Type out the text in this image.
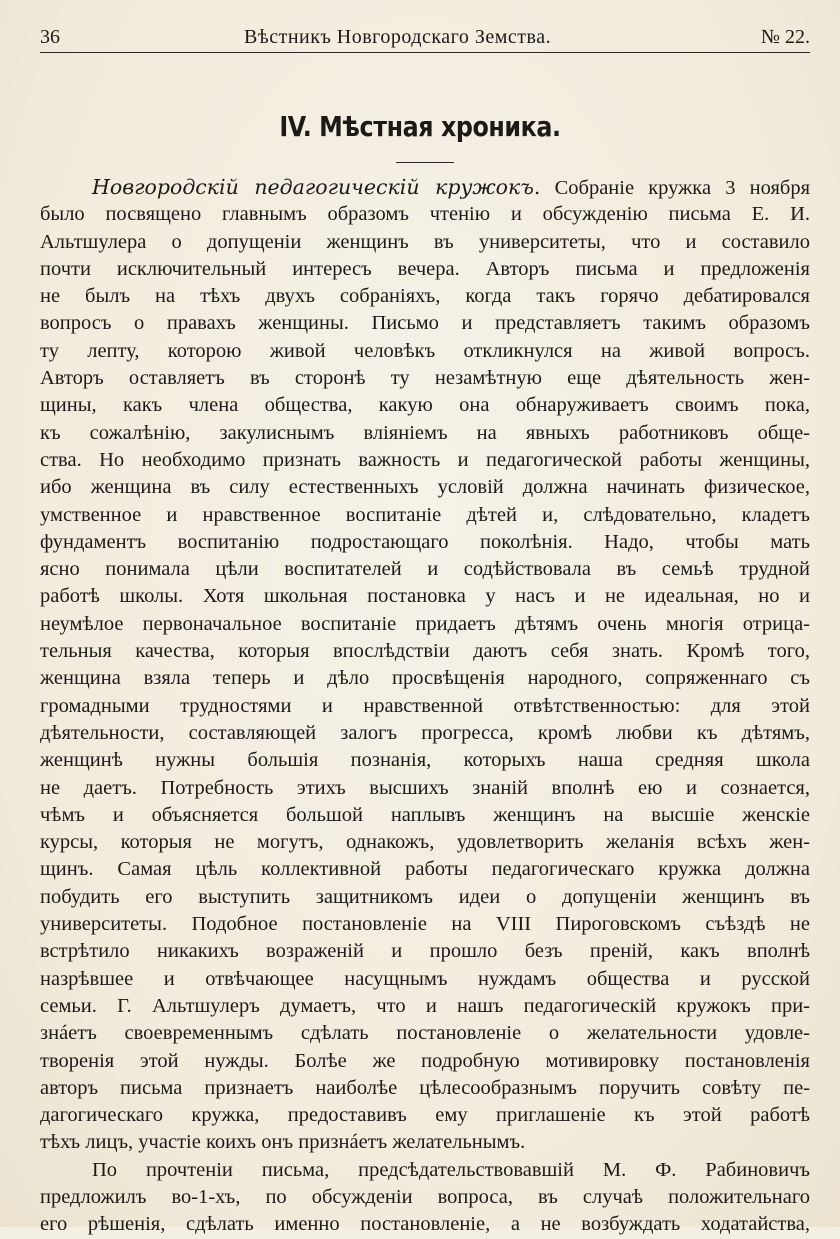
36	Вѣстникъ Новгородскаго Земства.	№ 22.
IV. Мѣстная хроника.
Новгородскій педагогическій кружокъ. Собраніе кружка 3 ноября
было посвящено главнымъ образомъ чтенію и обсужденію письма Е. И.
Альтшулера о допущеніи женщинъ въ университеты, что и составило
почти исключительный интересъ вечера. Авторъ письма и предложенія
не былъ на тѣхъ двухъ собраніяхъ, когда такъ горячо дебатировался
вопросъ о правахъ женщины. Письмо и представляетъ такимъ образомъ
ту лепту, которою живой человѣкъ откликнулся на живой вопросъ.
Авторъ оставляетъ въ сторонѣ ту незамѣтную еще дѣятельность жен-
щины, какъ члена общества, какую она обнаруживаетъ своимъ пока,
къ сожалѣнію, закулиснымъ вліяніемъ на явныхъ работниковъ обще-
ства. Но необходимо признать важность и педагогической работы женщины,
ибо женщина въ силу естественныхъ условій должна начинать физическое,
умственное и нравственное воспитаніе дѣтей и, слѣдовательно, кладетъ
фундаментъ воспитанію подростающаго поколѣнія. Надо, чтобы мать
ясно понимала цѣли воспитателей и содѣйствовала въ семьѣ трудной
работѣ школы. Хотя школьная постановка у насъ и не идеальная, но и
неумѣлое первоначальное воспитаніе придаетъ дѣтямъ очень многія отрица-
тельныя качества, которыя впослѣдствіи даютъ себя знать. Кромѣ того,
женщина взяла теперь и дѣло просвѣщенія народного, сопряженнаго съ
громадными трудностями и нравственной отвѣтственностью: для этой
дѣятельности, составляющей залогъ прогресса, кромѣ любви къ дѣтямъ,
женщинѣ нужны большія познанія, которыхъ наша средняя школа
не даетъ. Потребность этихъ высшихъ знаній вполнѣ ею и сознается,
чѣмъ и объясняется большой наплывъ женщинъ на высшіе женскіе
курсы, которыя не могутъ, однакожъ, удовлетворить желанія всѣхъ жен-
щинъ. Самая цѣль коллективной работы педагогическаго кружка должна
побудить его выступить защитникомъ идеи о допущеніи женщинъ въ
университеты. Подобное постановленіе на VIII Пироговскомъ съѣздѣ не
встрѣтило никакихъ возраженій и прошло безъ преній, какъ вполнѣ
назрѣвшее и отвѣчающее насущнымъ нуждамъ общества и русской
семьи. Г. Альтшулеръ думаетъ, что и нашъ педагогическій кружокъ при-
знáетъ своевременнымъ сдѣлать постановленіе о желательности удовле-
творенія этой нужды. Болѣе же подробную мотивировку постановленія
авторъ письма признаетъ наиболѣе цѣлесообразнымъ поручить совѣту пе-
дагогическаго кружка, предоставивъ ему приглашеніе къ этой работѣ
тѣхъ лицъ, участіе коихъ онъ признáетъ желательнымъ.
По прочтеніи письма, предсѣдательствовавшій М. Ф. Рабиновичъ
предложилъ во-1-хъ, по обсужденіи вопроса, въ случаѣ положительнаго
его рѣшенія, сдѣлать именно постановленіе, а не возбуждать ходатайства,
